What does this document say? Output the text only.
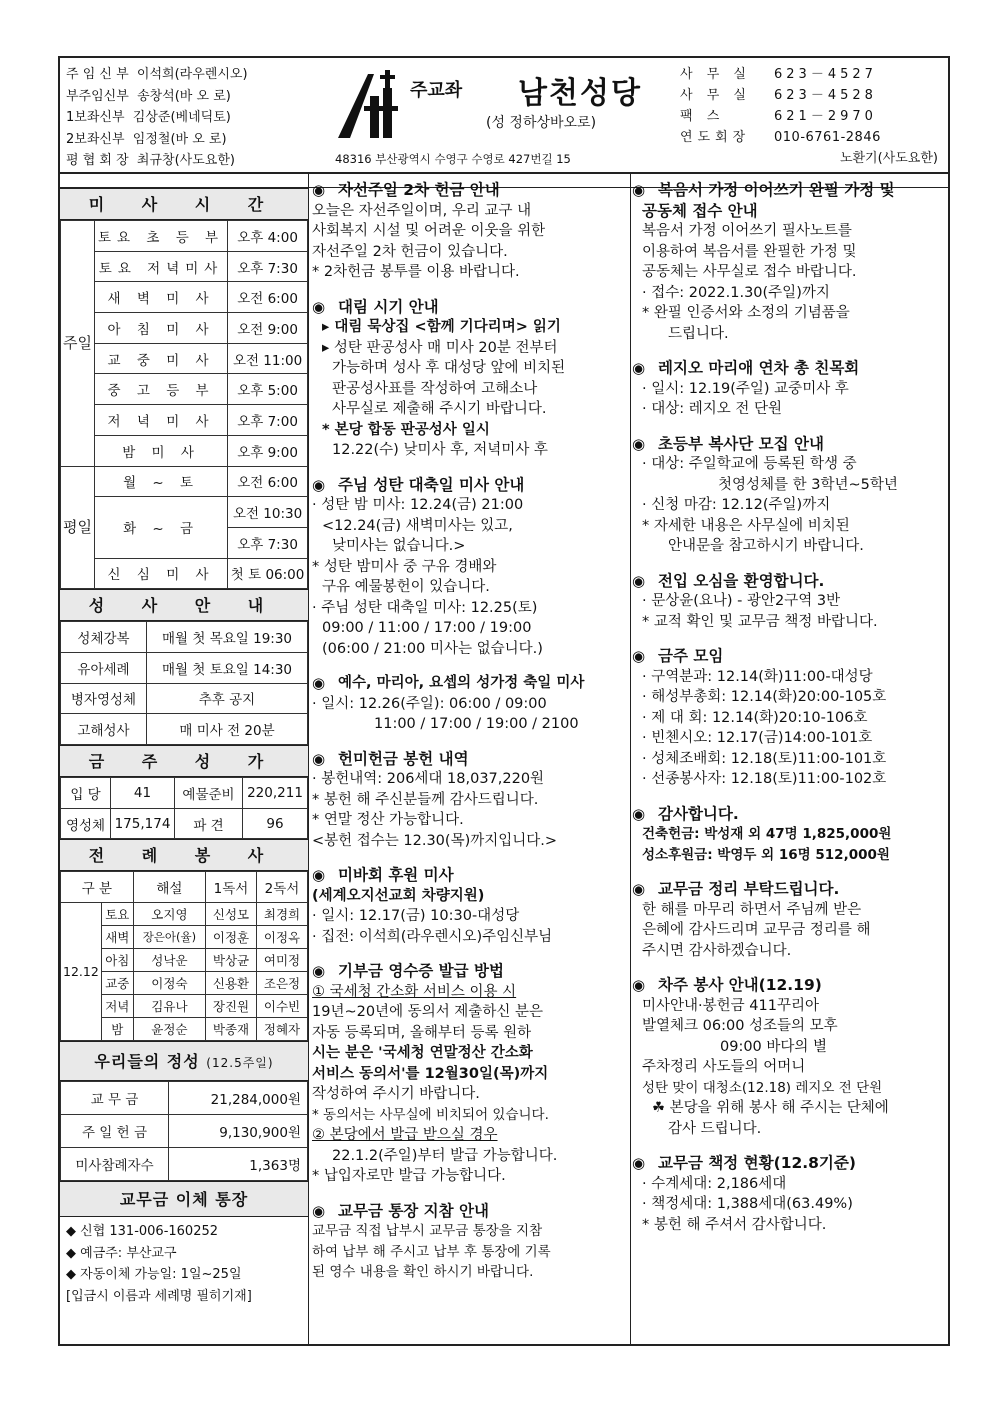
주 임 신 부 이석희(라우렌시오)
부주임신부 송창석(바 오 로)
1보좌신부 김상준(베네딕토)
2보좌신부 임정철(바 오 로)
평 협 회 장 최규창(사도요한)
주교좌 남천성당
(성 정하상바오로)
48316 부산광역시 수영구 수영로 427번길 15
사 무 실	623－4527
사 무 실	623－4528
팩 스	621－2970
연도회장	010-6761-2846
노환기(사도요한)
미 사 시 간
주일	토요 초 등 부	오후 4:00
	토요 저녁미사	오후 7:30
	새 벽 미 사	오전 6:00
	아 침 미 사	오전 9:00
	교 중 미 사	오전 11:00
	중 고 등 부	오후 5:00
	저 녁 미 사	오후 7:00
	밤 미 사	오후 9:00
평일	월 ~ 토	오전 6:00
	화 ~ 금	오전 10:30
		오후 7:30
	신 심 미 사	첫 토 06:00
성 사 안 내
성체강복	매월 첫 목요일 19:30
유아세례	매월 첫 토요일 14:30
병자영성체	추후 공지
고해성사	매 미사 전 20분
금 주 성 가
입 당	41	예물준비	220,211
영성체	175,174	파 견	96
전 례 봉 사
구 분		해설	1독서	2독서
12.12	토요	오지영	신성모	최경희
	새벽	장은아(율)	이정훈	이정옥
	아침	성낙운	박상균	여미정
	교중	이정숙	신용환	조은정
	저녁	김유나	장진원	이수빈
	밤	윤정순	박종재	정혜자
우리들의 정성 (12.5주일)
교 무 금	21,284,000원
주 일 헌 금	9,130,900원
미사참례자수	1,363명
교무금 이체 통장
◆ 신협 131-006-160252
◆ 예금주: 부산교구
◆ 자동이체 가능일: 1일~25일
[입금시 이름과 세례명 필히기재]
◉ 자선주일 2차 헌금 안내
오늘은 자선주일이며, 우리 교구 내
사회복지 시설 및 어려운 이웃을 위한
자선주일 2차 헌금이 있습니다.
* 2차헌금 봉투를 이용 바랍니다.
◉ 대림 시기 안내
▸ 대림 묵상집 <함께 기다리며> 읽기
▸ 성탄 판공성사 매 미사 20분 전부터
가능하며 성사 후 대성당 앞에 비치된
판공성사표를 작성하여 고해소나
사무실로 제출해 주시기 바랍니다.
* 본당 합동 판공성사 일시
12.22(수) 낮미사 후, 저녁미사 후
◉ 주님 성탄 대축일 미사 안내
· 성탄 밤 미사: 12.24(금) 21:00
<12.24(금) 새벽미사는 있고,
낮미사는 없습니다.>
* 성탄 밤미사 중 구유 경배와
구유 예물봉헌이 있습니다.
· 주님 성탄 대축일 미사: 12.25(토)
09:00 / 11:00 / 17:00 / 19:00
(06:00 / 21:00 미사는 없습니다.)
◉ 예수, 마리아, 요셉의 성가정 축일 미사
· 일시: 12.26(주일): 06:00 / 09:00
11:00 / 17:00 / 19:00 / 2100
◉ 헌미헌금 봉헌 내역
· 봉헌내역: 206세대 18,037,220원
* 봉헌 해 주신분들께 감사드립니다.
* 연말 정산 가능합니다.
<봉헌 접수는 12.30(목)까지입니다.>
◉ 미바회 후원 미사
(세계오지선교회 차량지원)
· 일시: 12.17(금) 10:30-대성당
· 집전: 이석희(라우렌시오)주임신부님
◉ 기부금 영수증 발급 방법
① 국세청 간소화 서비스 이용 시
19년~20년에 동의서 제출하신 분은
자동 등록되며, 올해부터 등록 원하
시는 분은 '국세청 연말정산 간소화
서비스 동의서'를 12월30일(목)까지
작성하여 주시기 바랍니다.
* 동의서는 사무실에 비치되어 있습니다.
② 본당에서 발급 받으실 경우
22.1.2(주일)부터 발급 가능합니다.
* 납입자로만 발급 가능합니다.
◉ 교무금 통장 지참 안내
교무금 직접 납부시 교무금 통장을 지참
하여 납부 해 주시고 납부 후 통장에 기록
된 영수 내용을 확인 하시기 바랍니다.
◉ 복음서 가정 이어쓰기 완필 가정 및
공동체 접수 안내
복음서 가정 이어쓰기 필사노트를
이용하여 복음서를 완필한 가정 및
공동체는 사무실로 접수 바랍니다.
· 접수: 2022.1.30(주일)까지
* 완필 인증서와 소정의 기념품을
드립니다.
◉ 레지오 마리애 연차 총 친목회
· 일시: 12.19(주일) 교중미사 후
· 대상: 레지오 전 단원
◉ 초등부 복사단 모집 안내
· 대상: 주일학교에 등록된 학생 중
첫영성체를 한 3학년~5학년
· 신청 마감: 12.12(주일)까지
* 자세한 내용은 사무실에 비치된
안내문을 참고하시기 바랍니다.
◉ 전입 오심을 환영합니다.
· 문상윤(요나) - 광안2구역 3반
* 교적 확인 및 교무금 책정 바랍니다.
◉ 금주 모임
· 구역분과: 12.14(화)11:00-대성당
· 해성부총회: 12.14(화)20:00-105호
· 제 대 회: 12.14(화)20:10-106호
· 빈첸시오: 12.17(금)14:00-101호
· 성체조배회: 12.18(토)11:00-101호
· 선종봉사자: 12.18(토)11:00-102호
◉ 감사합니다.
건축헌금: 박성재 외 47명 1,825,000원
성소후원금: 박영두 외 16명 512,000원
◉ 교무금 정리 부탁드립니다.
한 해를 마무리 하면서 주님께 받은
은혜에 감사드리며 교무금 정리를 해
주시면 감사하겠습니다.
◉ 차주 봉사 안내(12.19)
미사안내·봉헌금 411꾸리아
발열체크 06:00 성조들의 모후
09:00 바다의 별
주차정리 사도들의 어머니
성탄 맞이 대청소(12.18) 레지오 전 단원
☘ 본당을 위해 봉사 해 주시는 단체에
감사 드립니다.
◉ 교무금 책정 현황(12.8기준)
· 수계세대: 2,186세대
· 책정세대: 1,388세대(63.49%)
* 봉헌 해 주셔서 감사합니다.
